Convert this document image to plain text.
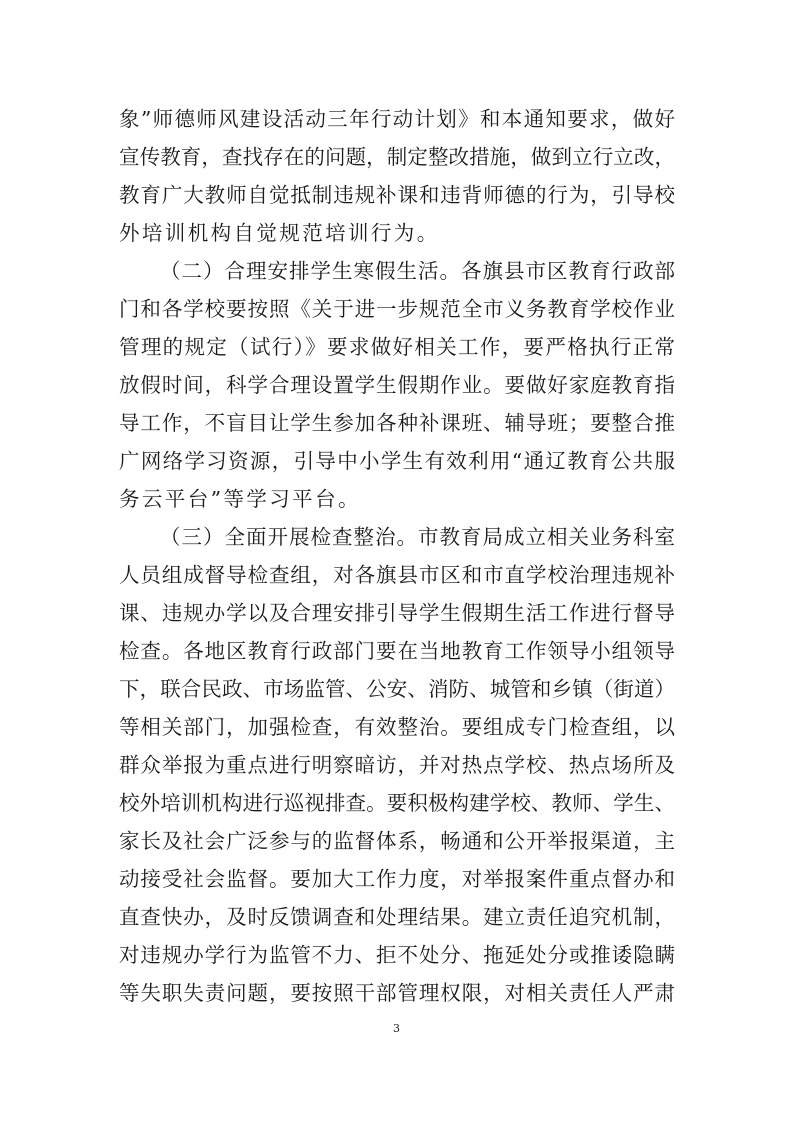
象”师德师风建设活动三年行动计划》和本通知要求，做好
宣传教育，查找存在的问题，制定整改措施，做到立行立改，
教育广大教师自觉抵制违规补课和违背师德的行为，引导校
外培训机构自觉规范培训行为。
（二）合理安排学生寒假生活。各旗县市区教育行政部
门和各学校要按照《关于进一步规范全市义务教育学校作业
管理的规定（试行）》要求做好相关工作，要严格执行正常
放假时间，科学合理设置学生假期作业。要做好家庭教育指
导工作，不盲目让学生参加各种补课班、辅导班；要整合推
广网络学习资源，引导中小学生有效利用“通辽教育公共服
务云平台”等学习平台。
（三）全面开展检查整治。市教育局成立相关业务科室
人员组成督导检查组，对各旗县市区和市直学校治理违规补
课、违规办学以及合理安排引导学生假期生活工作进行督导
检查。各地区教育行政部门要在当地教育工作领导小组领导
下，联合民政、市场监管、公安、消防、城管和乡镇（街道）
等相关部门，加强检查，有效整治。要组成专门检查组，以
群众举报为重点进行明察暗访，并对热点学校、热点场所及
校外培训机构进行巡视排查。要积极构建学校、教师、学生、
家长及社会广泛参与的监督体系，畅通和公开举报渠道，主
动接受社会监督。要加大工作力度，对举报案件重点督办和
直查快办，及时反馈调查和处理结果。建立责任追究机制，
对违规办学行为监管不力、拒不处分、拖延处分或推诿隐瞒
等失职失责问题，要按照干部管理权限，对相关责任人严肃
3
